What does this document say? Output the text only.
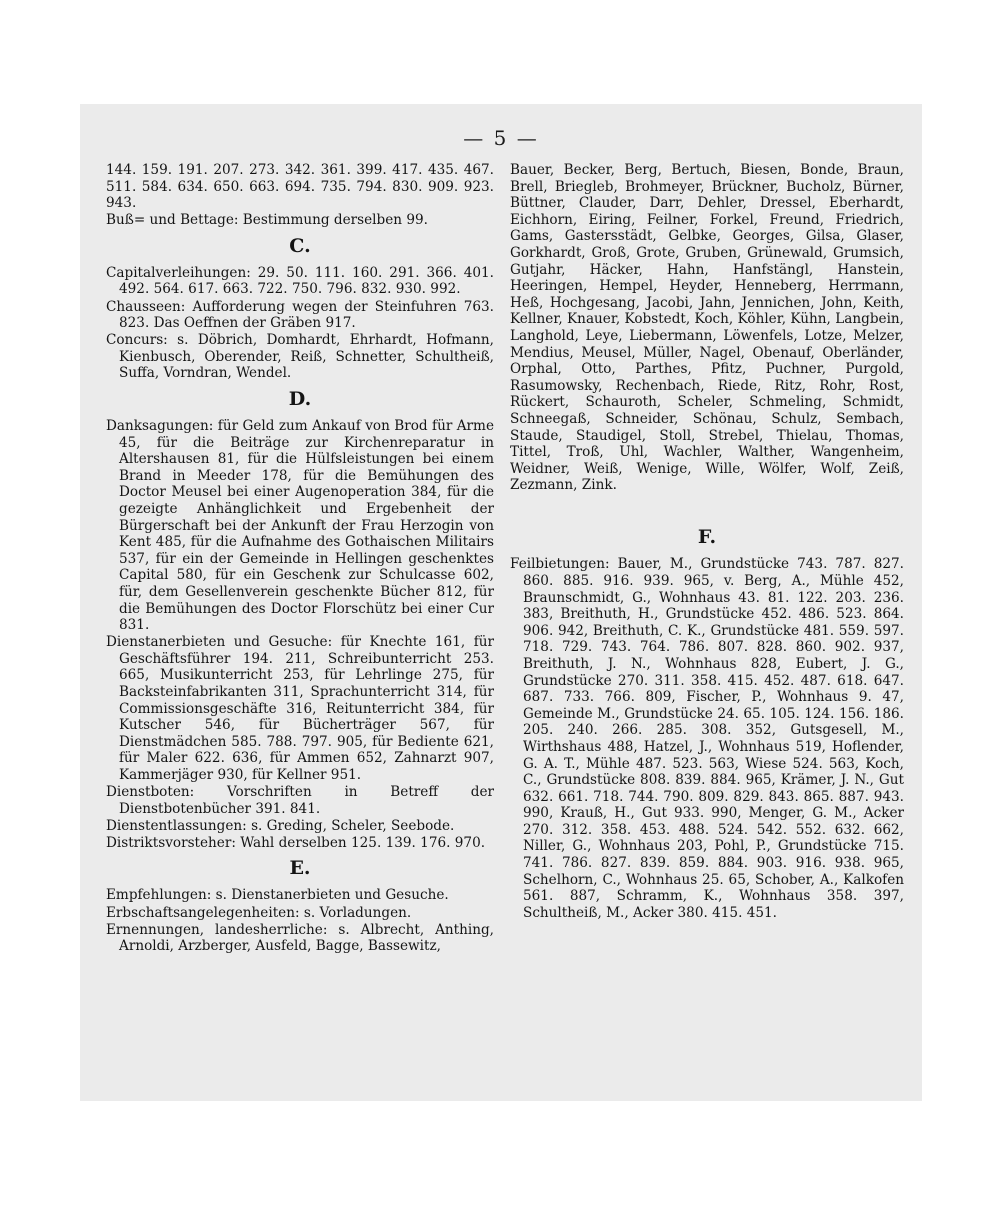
— 5 —
144. 159. 191. 207. 273. 342. 361. 399. 417. 435. 467. 511. 584. 634. 650. 663. 694. 735. 794. 830. 909. 923. 943.
Buß= und Bettage: Bestimmung derselben 99.
C.
Capitalverleihungen: 29. 50. 111. 160. 291. 366. 401. 492. 564. 617. 663. 722. 750. 796. 832. 930. 992.
Chausseen: Aufforderung wegen der Steinfuhren 763. 823. Das Oeffnen der Gräben 917.
Concurs: s. Döbrich, Domhardt, Ehrhardt, Hofmann, Kienbusch, Oberender, Reiß, Schnetter, Schultheiß, Suffa, Vorndran, Wendel.
D.
Danksagungen: für Geld zum Ankauf von Brod für Arme 45, für die Beiträge zur Kirchenreparatur in Altershausen 81, für die Hülfsleistungen bei einem Brand in Meeder 178, für die Bemühungen des Doctor Meusel bei einer Augenoperation 384, für die gezeigte Anhänglichkeit und Ergebenheit der Bürgerschaft bei der Ankunft der Frau Herzogin von Kent 485, für die Aufnahme des Gothaischen Militairs 537, für ein der Gemeinde in Hellingen geschenktes Capital 580, für ein Geschenk zur Schulcasse 602, für, dem Gesellenverein geschenkte Bücher 812, für die Bemühungen des Doctor Florschütz bei einer Cur 831.
Dienstanerbieten und Gesuche: für Knechte 161, für Geschäftsführer 194. 211, Schreibunterricht 253. 665, Musikunterricht 253, für Lehrlinge 275, für Backsteinfabrikanten 311, Sprachunterricht 314, für Commissionsgeschäfte 316, Reitunterricht 384, für Kutscher 546, für Bücherträger 567, für Dienstmädchen 585. 788. 797. 905, für Bediente 621, für Maler 622. 636, für Ammen 652, Zahnarzt 907, Kammerjäger 930, für Kellner 951.
Dienstboten: Vorschriften in Betreff der Dienstbotenbücher 391. 841.
Dienstentlassungen: s. Greding, Scheler, Seebode.
Distriktsvorsteher: Wahl derselben 125. 139. 176. 970.
E.
Empfehlungen: s. Dienstanerbieten und Gesuche.
Erbschaftsangelegenheiten: s. Vorladungen.
Ernennungen, landesherrliche: s. Albrecht, Anthing, Arnoldi, Arzberger, Ausfeld, Bagge, Bassewitz,
Bauer, Becker, Berg, Bertuch, Biesen, Bonde, Braun, Brell, Briegleb, Brohmeyer, Brückner, Bucholz, Bürner, Büttner, Clauder, Darr, Dehler, Dressel, Eberhardt, Eichhorn, Eiring, Feilner, Forkel, Freund, Friedrich, Gams, Gastersstädt, Gelbke, Georges, Gilsa, Glaser, Gorkhardt, Groß, Grote, Gruben, Grünewald, Grumsich, Gutjahr, Häcker, Hahn, Hanfstängl, Hanstein, Heeringen, Hempel, Heyder, Henneberg, Herrmann, Heß, Hochgesang, Jacobi, Jahn, Jennichen, John, Keith, Kellner, Knauer, Kobstedt, Koch, Köhler, Kühn, Langbein, Langhold, Leye, Liebermann, Löwenfels, Lotze, Melzer, Mendius, Meusel, Müller, Nagel, Obenauf, Oberländer, Orphal, Otto, Parthes, Pfitz, Puchner, Purgold, Rasumowsky, Rechenbach, Riede, Ritz, Rohr, Rost, Rückert, Schauroth, Scheler, Schmeling, Schmidt, Schneegaß, Schneider, Schönau, Schulz, Sembach, Staude, Staudigel, Stoll, Strebel, Thielau, Thomas, Tittel, Troß, Uhl, Wachler, Walther, Wangenheim, Weidner, Weiß, Wenige, Wille, Wölfer, Wolf, Zeiß, Zezmann, Zink.
F.
Feilbietungen: Bauer, M., Grundstücke 743. 787. 827. 860. 885. 916. 939. 965, v. Berg, A., Mühle 452, Braunschmidt, G., Wohnhaus 43. 81. 122. 203. 236. 383, Breithuth, H., Grundstücke 452. 486. 523. 864. 906. 942, Breithuth, C. K., Grundstücke 481. 559. 597. 718. 729. 743. 764. 786. 807. 828. 860. 902. 937, Breithuth, J. N., Wohnhaus 828, Eubert, J. G., Grundstücke 270. 311. 358. 415. 452. 487. 618. 647. 687. 733. 766. 809, Fischer, P., Wohnhaus 9. 47, Gemeinde M., Grundstücke 24. 65. 105. 124. 156. 186. 205. 240. 266. 285. 308. 352, Gutsgesell, M., Wirthshaus 488, Hatzel, J., Wohnhaus 519, Hoflender, G. A. T., Mühle 487. 523. 563, Wiese 524. 563, Koch, C., Grundstücke 808. 839. 884. 965, Krämer, J. N., Gut 632. 661. 718. 744. 790. 809. 829. 843. 865. 887. 943. 990, Krauß, H., Gut 933. 990, Menger, G. M., Acker 270. 312. 358. 453. 488. 524. 542. 552. 632. 662, Niller, G., Wohnhaus 203, Pohl, P., Grundstücke 715. 741. 786. 827. 839. 859. 884. 903. 916. 938. 965, Schelhorn, C., Wohnhaus 25. 65, Schober, A., Kalkofen 561. 887, Schramm, K., Wohnhaus 358. 397, Schultheiß, M., Acker 380. 415. 451.
